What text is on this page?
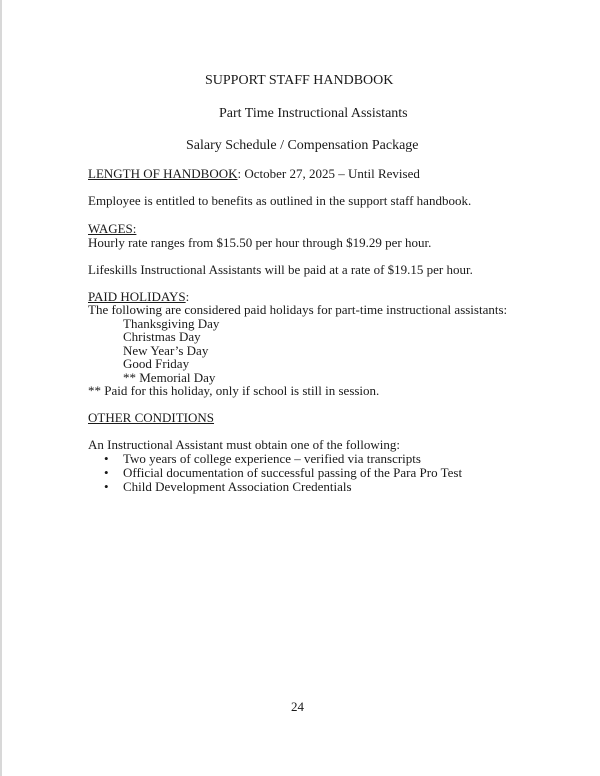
SUPPORT STAFF HANDBOOK
Part Time Instructional Assistants
Salary Schedule / Compensation Package
LENGTH OF HANDBOOK: October 27, 2025 – Until Revised
Employee is entitled to benefits as outlined in the support staff handbook.
WAGES:
Hourly rate ranges from $15.50 per hour through $19.29 per hour.
Lifeskills Instructional Assistants will be paid at a rate of $19.15 per hour.
PAID HOLIDAYS:
The following are considered paid holidays for part-time instructional assistants:
Thanksgiving Day
Christmas Day
New Year’s Day
Good Friday
** Memorial Day
** Paid for this holiday, only if school is still in session.
OTHER CONDITIONS
An Instructional Assistant must obtain one of the following:
• Two years of college experience – verified via transcripts
• Official documentation of successful passing of the Para Pro Test
• Child Development Association Credentials
24
